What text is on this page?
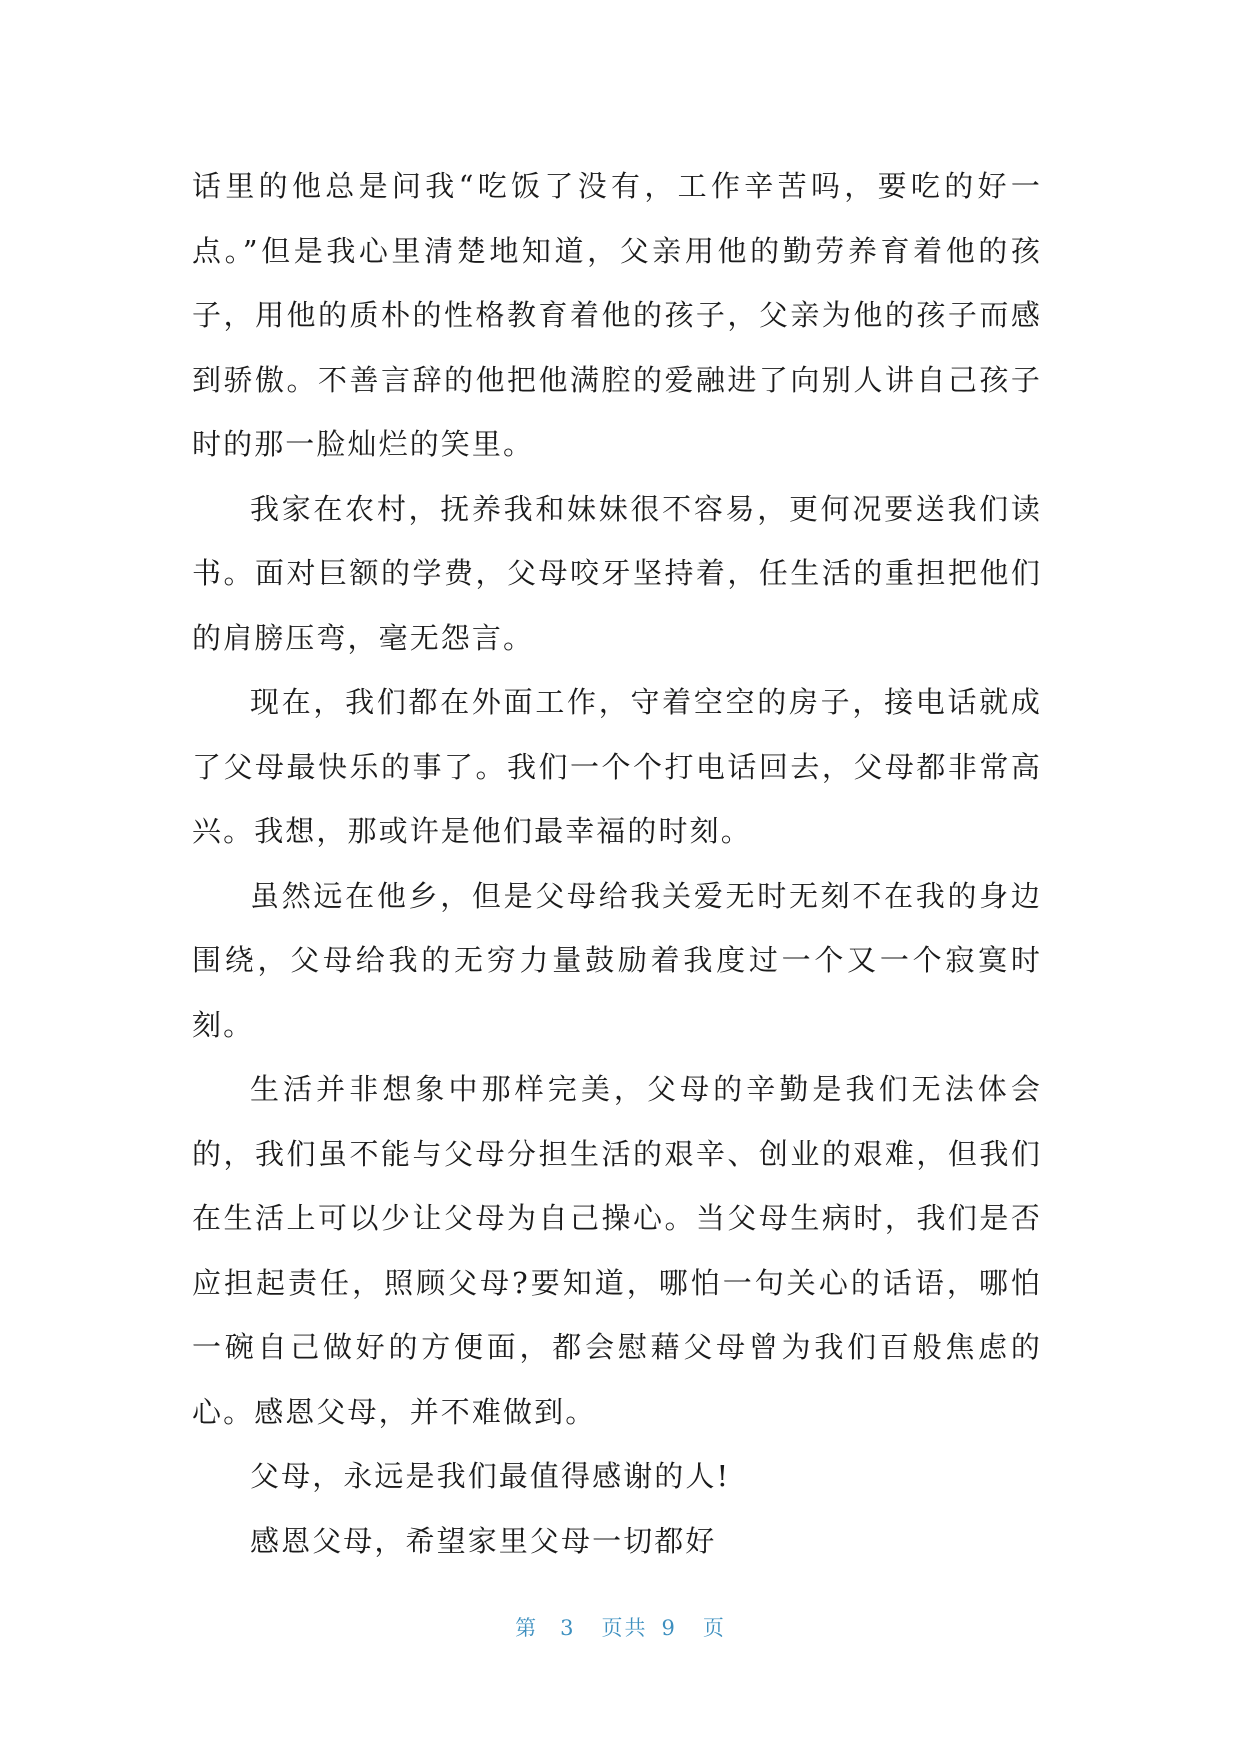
话里的他总是问我“吃饭了没有，工作辛苦吗，要吃的好一点。”但是我心里清楚地知道，父亲用他的勤劳养育着他的孩子，用他的质朴的性格教育着他的孩子，父亲为他的孩子而感到骄傲。不善言辞的他把他满腔的爱融进了向别人讲自己孩子时的那一脸灿烂的笑里。

我家在农村，抚养我和妹妹很不容易，更何况要送我们读书。面对巨额的学费，父母咬牙坚持着，任生活的重担把他们的肩膀压弯，毫无怨言。

现在，我们都在外面工作，守着空空的房子，接电话就成了父母最快乐的事了。我们一个个打电话回去，父母都非常高兴。我想，那或许是他们最幸福的时刻。

虽然远在他乡，但是父母给我关爱无时无刻不在我的身边围绕，父母给我的无穷力量鼓励着我度过一个又一个寂寞时刻。

生活并非想象中那样完美，父母的辛勤是我们无法体会的，我们虽不能与父母分担生活的艰辛、创业的艰难，但我们在生活上可以少让父母为自己操心。当父母生病时，我们是否应担起责任，照顾父母?要知道，哪怕一句关心的话语，哪怕一碗自己做好的方便面，都会慰藉父母曾为我们百般焦虑的心。感恩父母，并不难做到。

父母，永远是我们最值得感谢的人!

感恩父母，希望家里父母一切都好

第 3 页共 9 页
